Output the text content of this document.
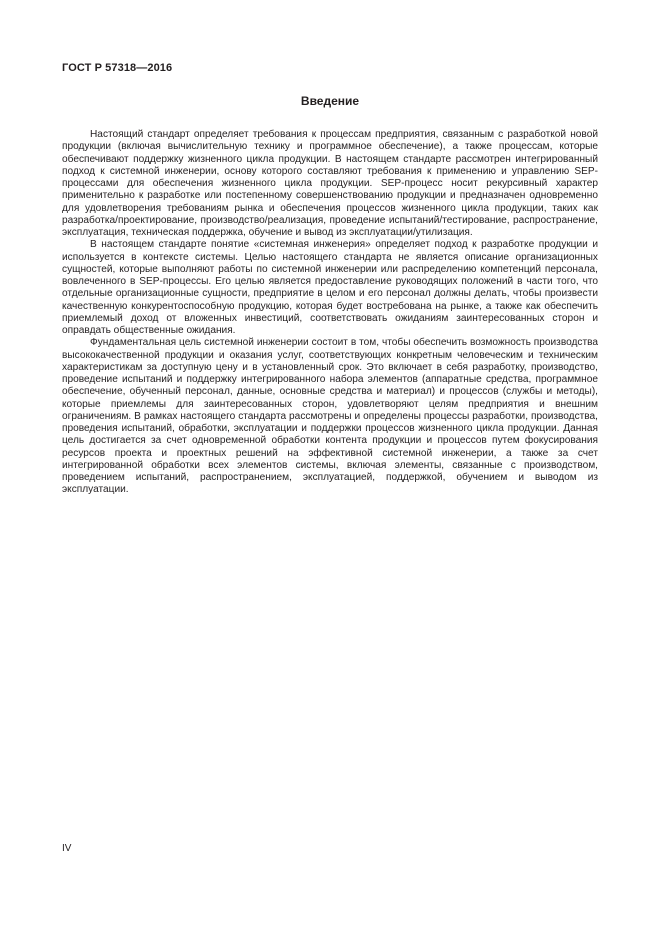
ГОСТ Р 57318—2016
Введение

Настоящий стандарт определяет требования к процессам предприятия, связанным с разработкой новой продукции (включая вычислительную технику и программное обеспечение), а также процессам, которые обеспечивают поддержку жизненного цикла продукции. В настоящем стандарте рассмотрен интегрированный подход к системной инженерии, основу которого составляют требования к применению и управлению SEP-процессами для обеспечения жизненного цикла продукции. SEP-процесс носит рекурсивный характер применительно к разработке или постепенному совершенствованию продукции и предназначен одновременно для удовлетворения требованиям рынка и обеспечения процессов жизненного цикла продукции, таких как разработка/проектирование, производство/реализация, проведение испытаний/тестирование, распространение, эксплуатация, техническая поддержка, обучение и вывод из эксплуатации/утилизация.

В настоящем стандарте понятие «системная инженерия» определяет подход к разработке продукции и используется в контексте системы. Целью настоящего стандарта не является описание организационных сущностей, которые выполняют работы по системной инженерии или распределению компетенций персонала, вовлеченного в SEP-процессы. Его целью является предоставление руководящих положений в части того, что отдельные организационные сущности, предприятие в целом и его персонал должны делать, чтобы произвести качественную конкурентоспособную продукцию, которая будет востребована на рынке, а также как обеспечить приемлемый доход от вложенных инвестиций, соответствовать ожиданиям заинтересованных сторон и оправдать общественные ожидания.

Фундаментальная цель системной инженерии состоит в том, чтобы обеспечить возможность производства высококачественной продукции и оказания услуг, соответствующих конкретным человеческим и техническим характеристикам за доступную цену и в установленный срок. Это включает в себя разработку, производство, проведение испытаний и поддержку интегрированного набора элементов (аппаратные средства, программное обеспечение, обученный персонал, данные, основные средства и материал) и процессов (службы и методы), которые приемлемы для заинтересованных сторон, удовлетворяют целям предприятия и внешним ограничениям. В рамках настоящего стандарта рассмотрены и определены процессы разработки, производства, проведения испытаний, обработки, эксплуатации и поддержки процессов жизненного цикла продукции. Данная цель достигается за счет одновременной обработки контента продукции и процессов путем фокусирования ресурсов проекта и проектных решений на эффективной системной инженерии, а также за счет интегрированной обработки всех элементов системы, включая элементы, связанные с производством, проведением испытаний, распространением, эксплуатацией, поддержкой, обучением и выводом из эксплуатации.

IV
